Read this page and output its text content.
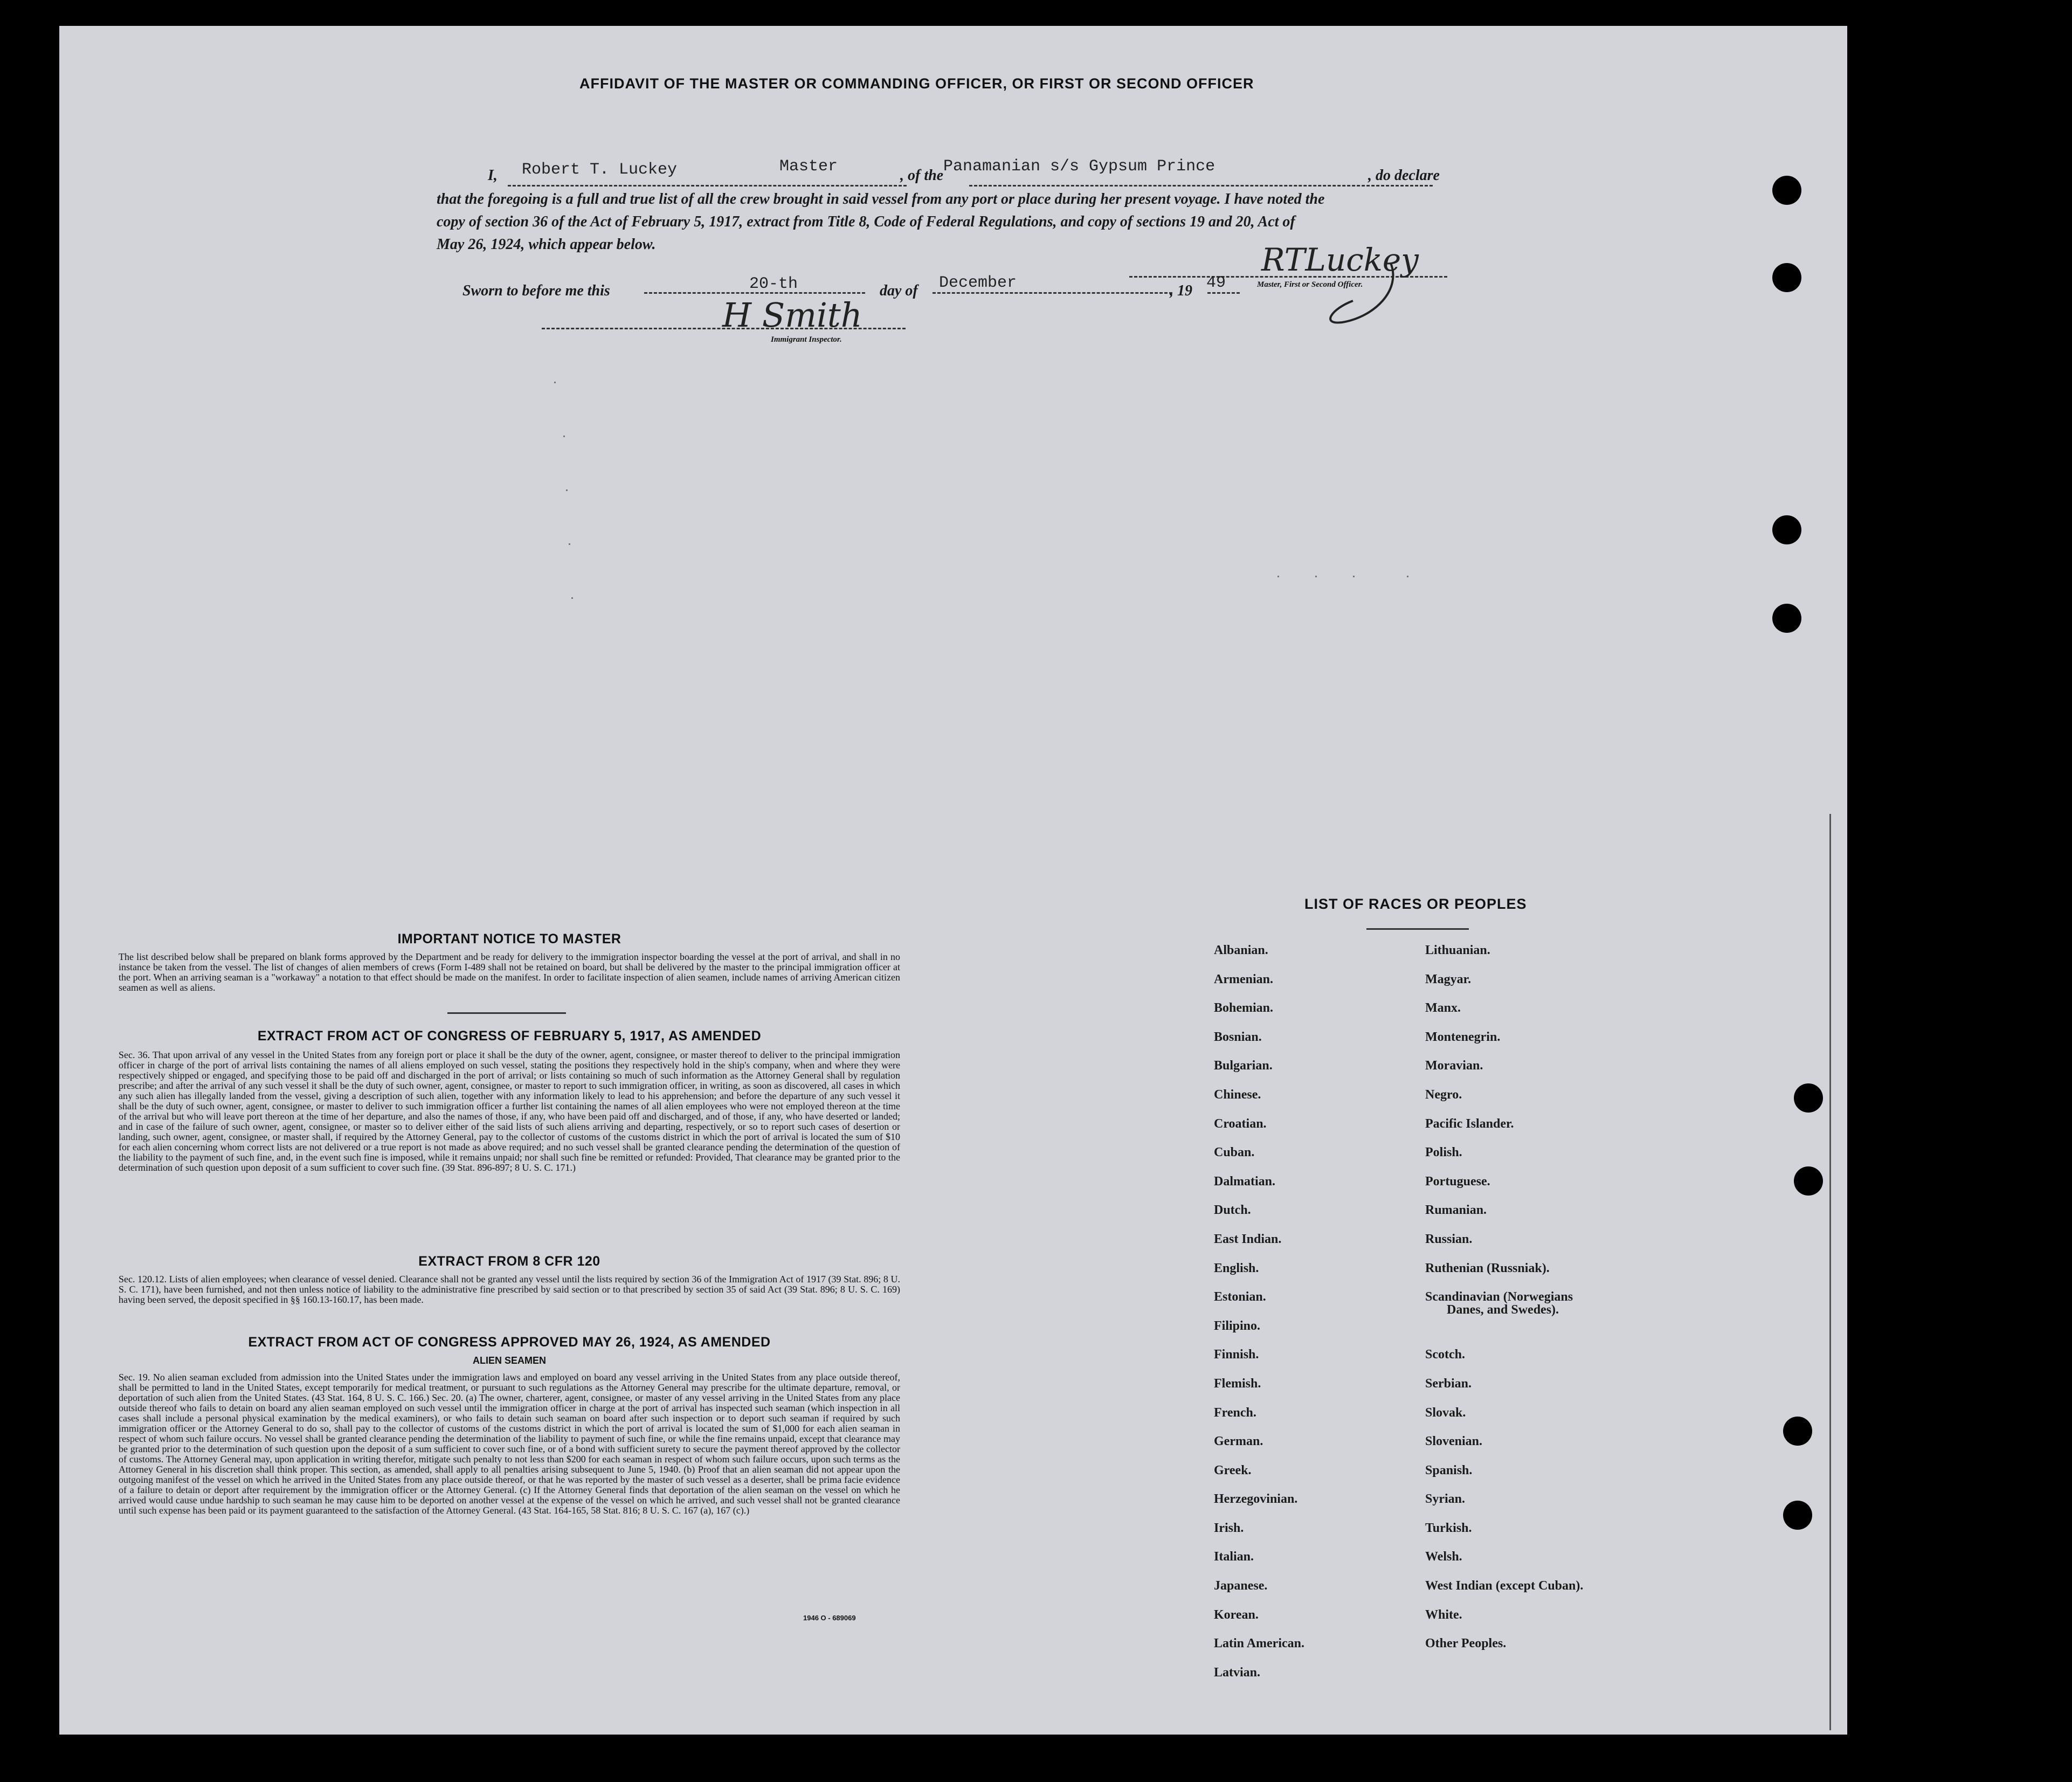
AFFIDAVIT OF THE MASTER OR COMMANDING OFFICER, OR FIRST OR SECOND OFFICER
I, Robert T. Luckey	Master	, of the Panamanian s/s Gypsum Prince	, do declare
that the foregoing is a full and true list of all the crew brought in said vessel from any port or place during her present voyage. I have noted the
copy of section 36 of the Act of February 5, 1917, extract from Title 8, Code of Federal Regulations, and copy of sections 19 and 20, Act of
May 26, 1924, which appear below.	RTLuckey
Master, First or Second Officer.
Sworn to before me this	20-th	day of December	, 19 49
H Smith
Immigrant Inspector.
IMPORTANT NOTICE TO MASTER
The list described below shall be prepared on blank forms approved by the Department and be ready for delivery to the immigration inspector boarding the vessel at the port of arrival, and shall in no instance be taken from the vessel. The list of changes of alien members of crews (Form I-489 shall not be retained on board, but shall be delivered by the master to the principal immigration officer at the port. When an arriving seaman is a "workaway" a notation to that effect should be made on the manifest. In order to facilitate inspection of alien seamen, include names of arriving American citizen seamen as well as aliens.
EXTRACT FROM ACT OF CONGRESS OF FEBRUARY 5, 1917, AS AMENDED
Sec. 36. That upon arrival of any vessel in the United States from any foreign port or place it shall be the duty of the owner, agent, consignee, or master thereof to deliver to the principal immigration officer in charge of the port of arrival lists containing the names of all aliens employed on such vessel, stating the positions they respectively hold in the ship's company, when and where they were respectively shipped or engaged, and specifying those to be paid off and discharged in the port of arrival; or lists containing so much of such information as the Attorney General shall by regulation prescribe; and after the arrival of any such vessel it shall be the duty of such owner, agent, consignee, or master to report to such immigration officer, in writing, as soon as discovered, all cases in which any such alien has illegally landed from the vessel, giving a description of such alien, together with any information likely to lead to his apprehension; and before the departure of any such vessel it shall be the duty of such owner, agent, consignee, or master to deliver to such immigration officer a further list containing the names of all alien employees who were not employed thereon at the time of the arrival but who will leave port thereon at the time of her departure, and also the names of those, if any, who have been paid off and discharged, and of those, if any, who have deserted or landed; and in case of the failure of such owner, agent, consignee, or master so to deliver either of the said lists of such aliens arriving and departing, respectively, or so to report such cases of desertion or landing, such owner, agent, consignee, or master shall, if required by the Attorney General, pay to the collector of customs of the customs district in which the port of arrival is located the sum of $10 for each alien concerning whom correct lists are not delivered or a true report is not made as above required; and no such vessel shall be granted clearance pending the determination of the question of the liability to the payment of such fine, and, in the event such fine is imposed, while it remains unpaid; nor shall such fine be remitted or refunded: Provided, That clearance may be granted prior to the determination of such question upon deposit of a sum sufficient to cover such fine. (39 Stat. 896-897; 8 U. S. C. 171.)
EXTRACT FROM 8 CFR 120
Sec. 120.12. Lists of alien employees; when clearance of vessel denied. Clearance shall not be granted any vessel until the lists required by section 36 of the Immigration Act of 1917 (39 Stat. 896; 8 U. S. C. 171), have been furnished, and not then unless notice of liability to the administrative fine prescribed by said section or to that prescribed by section 35 of said Act (39 Stat. 896; 8 U. S. C. 169) having been served, the deposit specified in §§ 160.13-160.17, has been made.
EXTRACT FROM ACT OF CONGRESS APPROVED MAY 26, 1924, AS AMENDED
ALIEN SEAMEN
Sec. 19. No alien seaman excluded from admission into the United States under the immigration laws and employed on board any vessel arriving in the United States from any place outside thereof, shall be permitted to land in the United States, except temporarily for medical treatment, or pursuant to such regulations as the Attorney General may prescribe for the ultimate departure, removal, or deportation of such alien from the United States. (43 Stat. 164, 8 U. S. C. 166.) Sec. 20. (a) The owner, charterer, agent, consignee, or master of any vessel arriving in the United States from any place outside thereof who fails to detain on board any alien seaman employed on such vessel until the immigration officer in charge at the port of arrival has inspected such seaman (which inspection in all cases shall include a personal physical examination by the medical examiners), or who fails to detain such seaman on board after such inspection or to deport such seaman if required by such immigration officer or the Attorney General to do so, shall pay to the collector of customs of the customs district in which the port of arrival is located the sum of $1,000 for each alien seaman in respect of whom such failure occurs. No vessel shall be granted clearance pending the determination of the liability to payment of such fine, or while the fine remains unpaid, except that clearance may be granted prior to the determination of such question upon the deposit of a sum sufficient to cover such fine, or of a bond with sufficient surety to secure the payment thereof approved by the collector of customs. The Attorney General may, upon application in writing therefor, mitigate such penalty to not less than $200 for each seaman in respect of whom such failure occurs, upon such terms as the Attorney General in his discretion shall think proper. This section, as amended, shall apply to all penalties arising subsequent to June 5, 1940. (b) Proof that an alien seaman did not appear upon the outgoing manifest of the vessel on which he arrived in the United States from any place outside thereof, or that he was reported by the master of such vessel as a deserter, shall be prima facie evidence of a failure to detain or deport after requirement by the immigration officer or the Attorney General. (c) If the Attorney General finds that deportation of the alien seaman on the vessel on which he arrived would cause undue hardship to such seaman he may cause him to be deported on another vessel at the expense of the vessel on which he arrived, and such vessel shall not be granted clearance until such expense has been paid or its payment guaranteed to the satisfaction of the Attorney General. (43 Stat. 164-165, 58 Stat. 816; 8 U. S. C. 167 (a), 167 (c).)
1946 O - 689069
LIST OF RACES OR PEOPLES
Albanian.
Armenian.
Bohemian.
Bosnian.
Bulgarian.
Chinese.
Croatian.
Cuban.
Dalmatian.
Dutch.
East Indian.
English.
Estonian.
Filipino.
Finnish.
Flemish.
French.
German.
Greek.
Herzegovinian.
Irish.
Italian.
Japanese.
Korean.
Latin American.
Latvian.
Lithuanian.
Magyar.
Manx.
Montenegrin.
Moravian.
Negro.
Pacific Islander.
Polish.
Portuguese.
Rumanian.
Russian.
Ruthenian (Russniak).
Scandinavian (Norwegians
Danes, and Swedes).
Scotch.
Serbian.
Slovak.
Slovenian.
Spanish.
Syrian.
Turkish.
Welsh.
West Indian (except Cuban).
White.
Other Peoples.
